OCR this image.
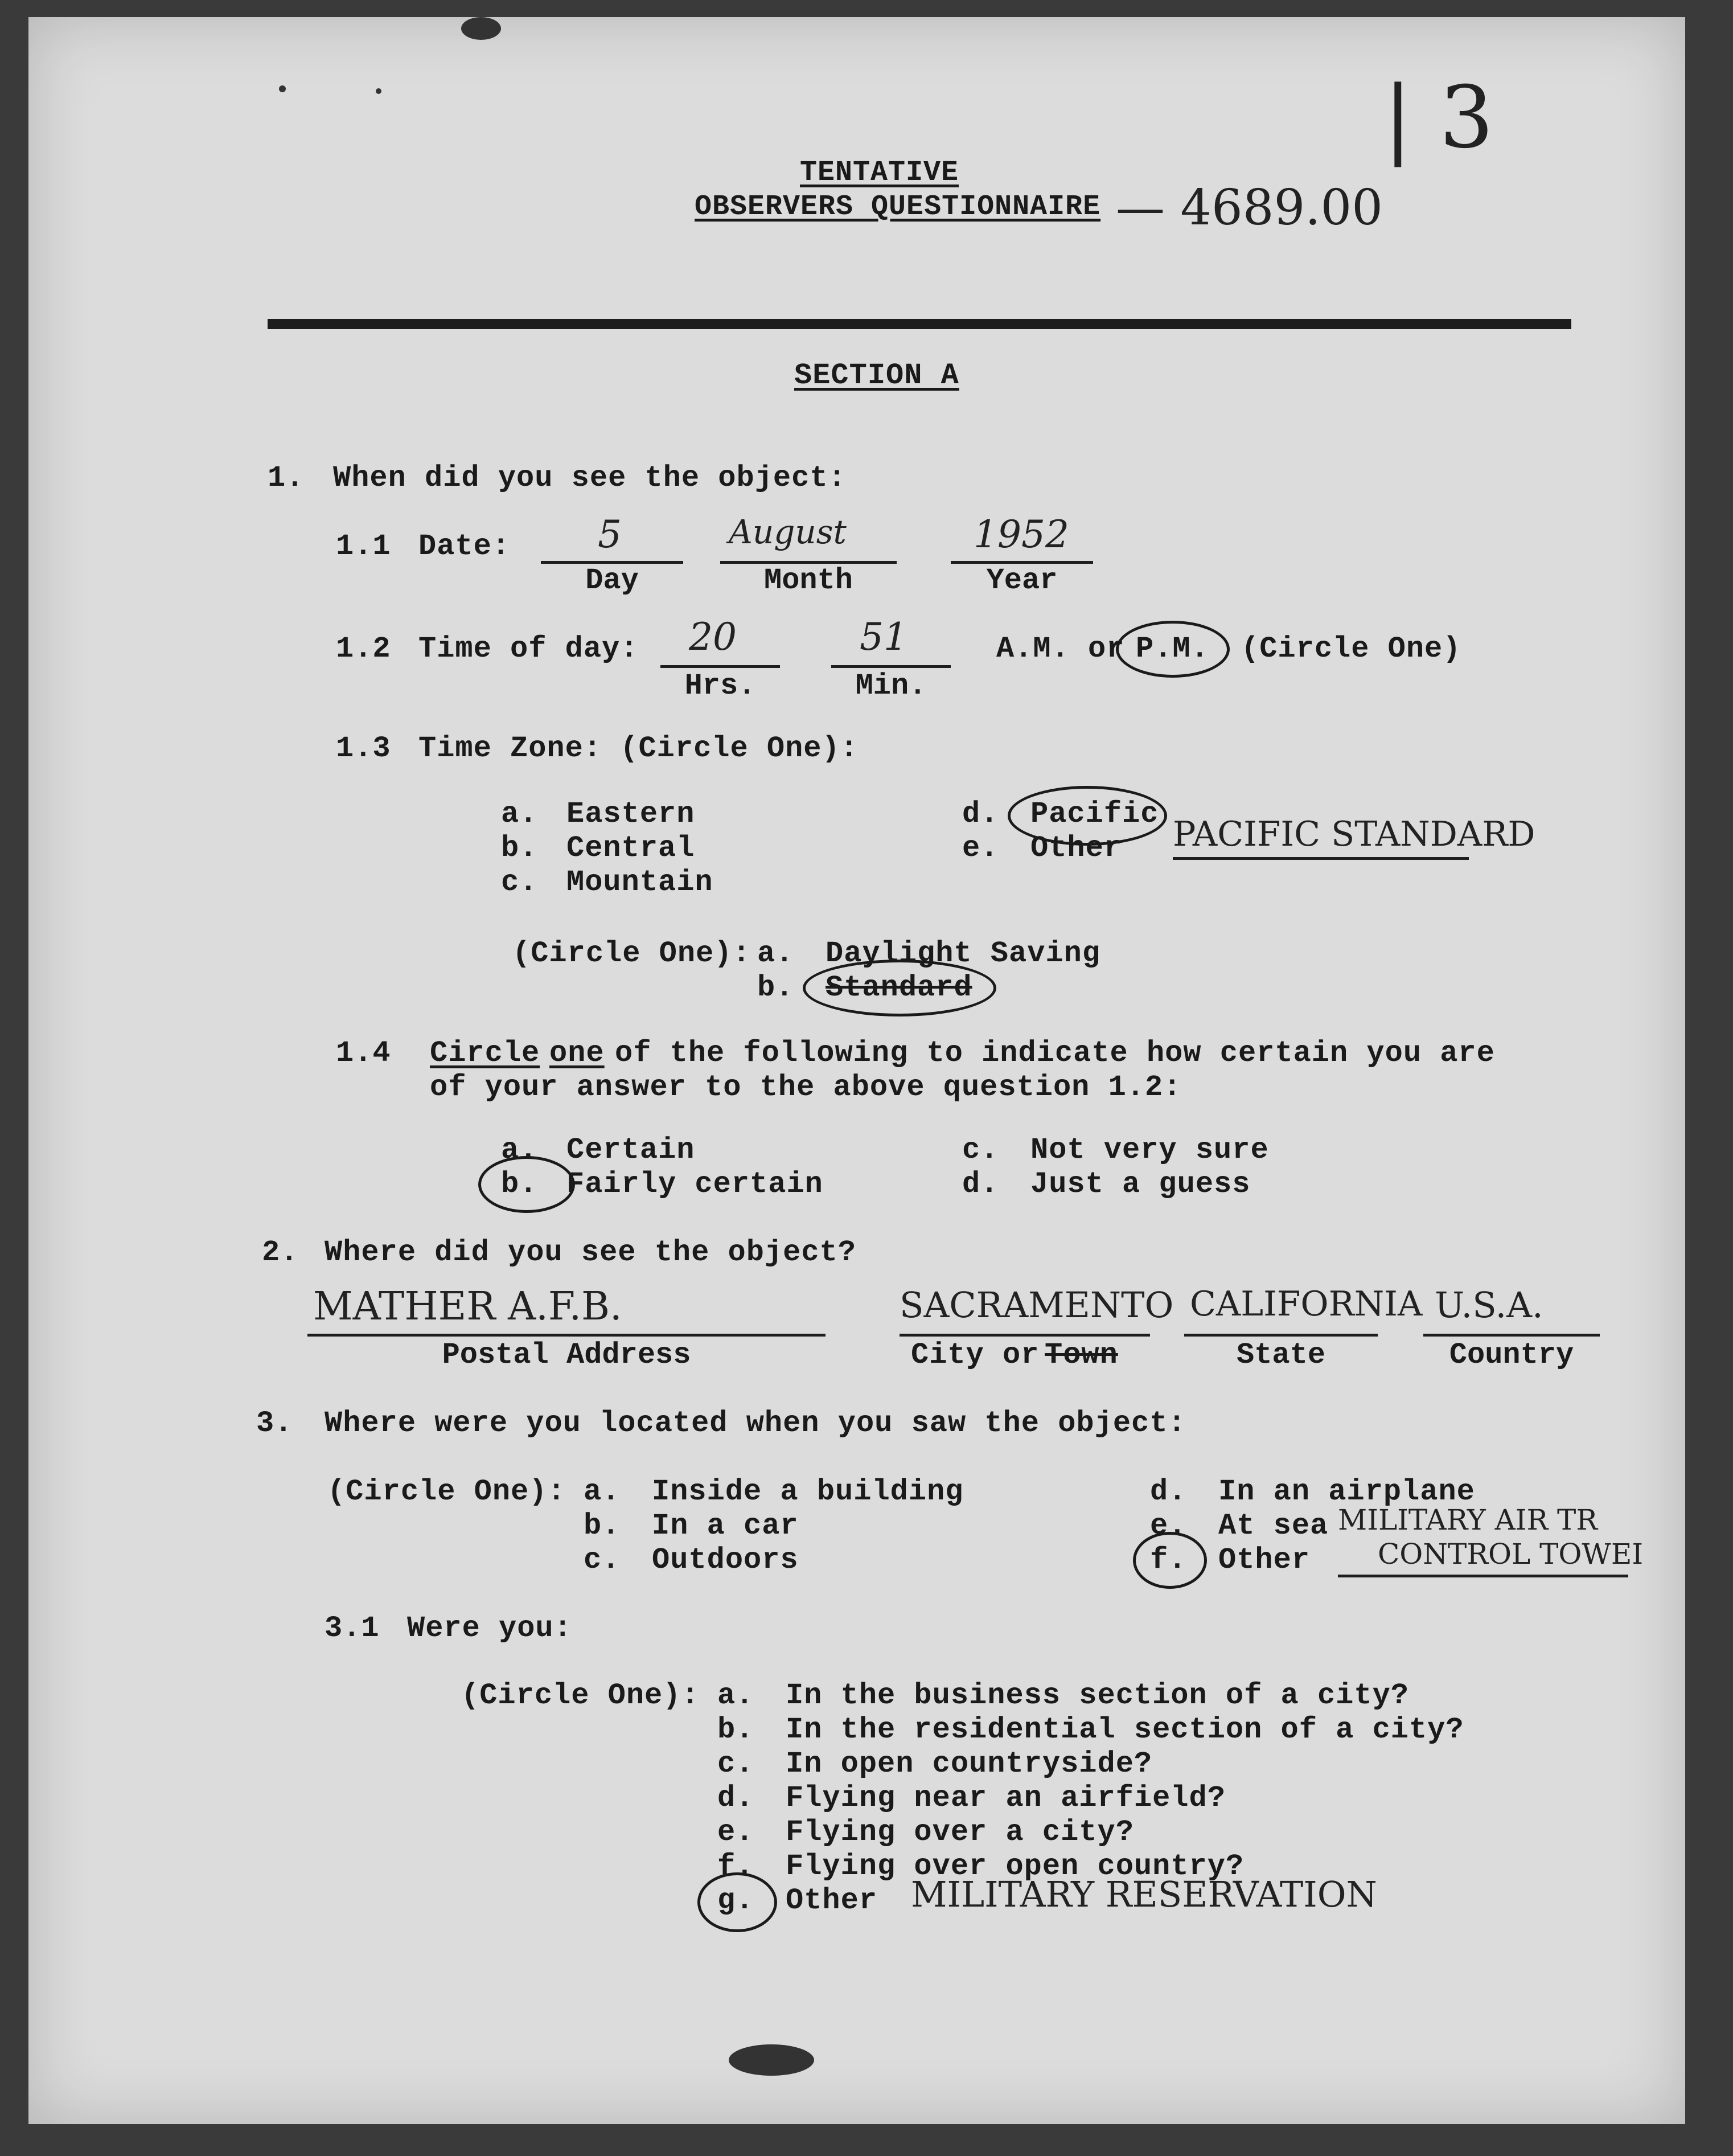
| 3
TENTATIVE
OBSERVERS QUESTIONNAIRE — 4689.00
SECTION A
1. When did you see the object:
1.1 Date: 5
Day
August
Month
1952
Year
1.2 Time of day: 20
Hrs.
51
Min.
A.M. or P.M. (Circle One)
1.3 Time Zone: (Circle One):
a. Eastern
b. Central
c. Mountain
d. Pacific
e. Other PACIFIC STANDARD
(Circle One): a. Daylight Saving
b. Standard
1.4 Circle one of the following to indicate how certain you are
of your answer to the above question 1.2:
a. Certain
b. Fairly certain
c. Not very sure
d. Just a guess
2. Where did you see the object?
MATHER A.F.B.
Postal Address
SACRAMENTO
City or Town
CALIFORNIA
State
U.S.A.
Country
3. Where were you located when you saw the object:
(Circle One): a. Inside a building
b. In a car
c. Outdoors
d. In an airplane
e. At sea MILITARY AIR TR
f. Other CONTROL TOWEI
3.1 Were you:
(Circle One): a. In the business section of a city?
b. In the residential section of a city?
c. In open countryside?
d. Flying near an airfield?
e. Flying over a city?
f. Flying over open country?
g. Other MILITARY RESERVATION
